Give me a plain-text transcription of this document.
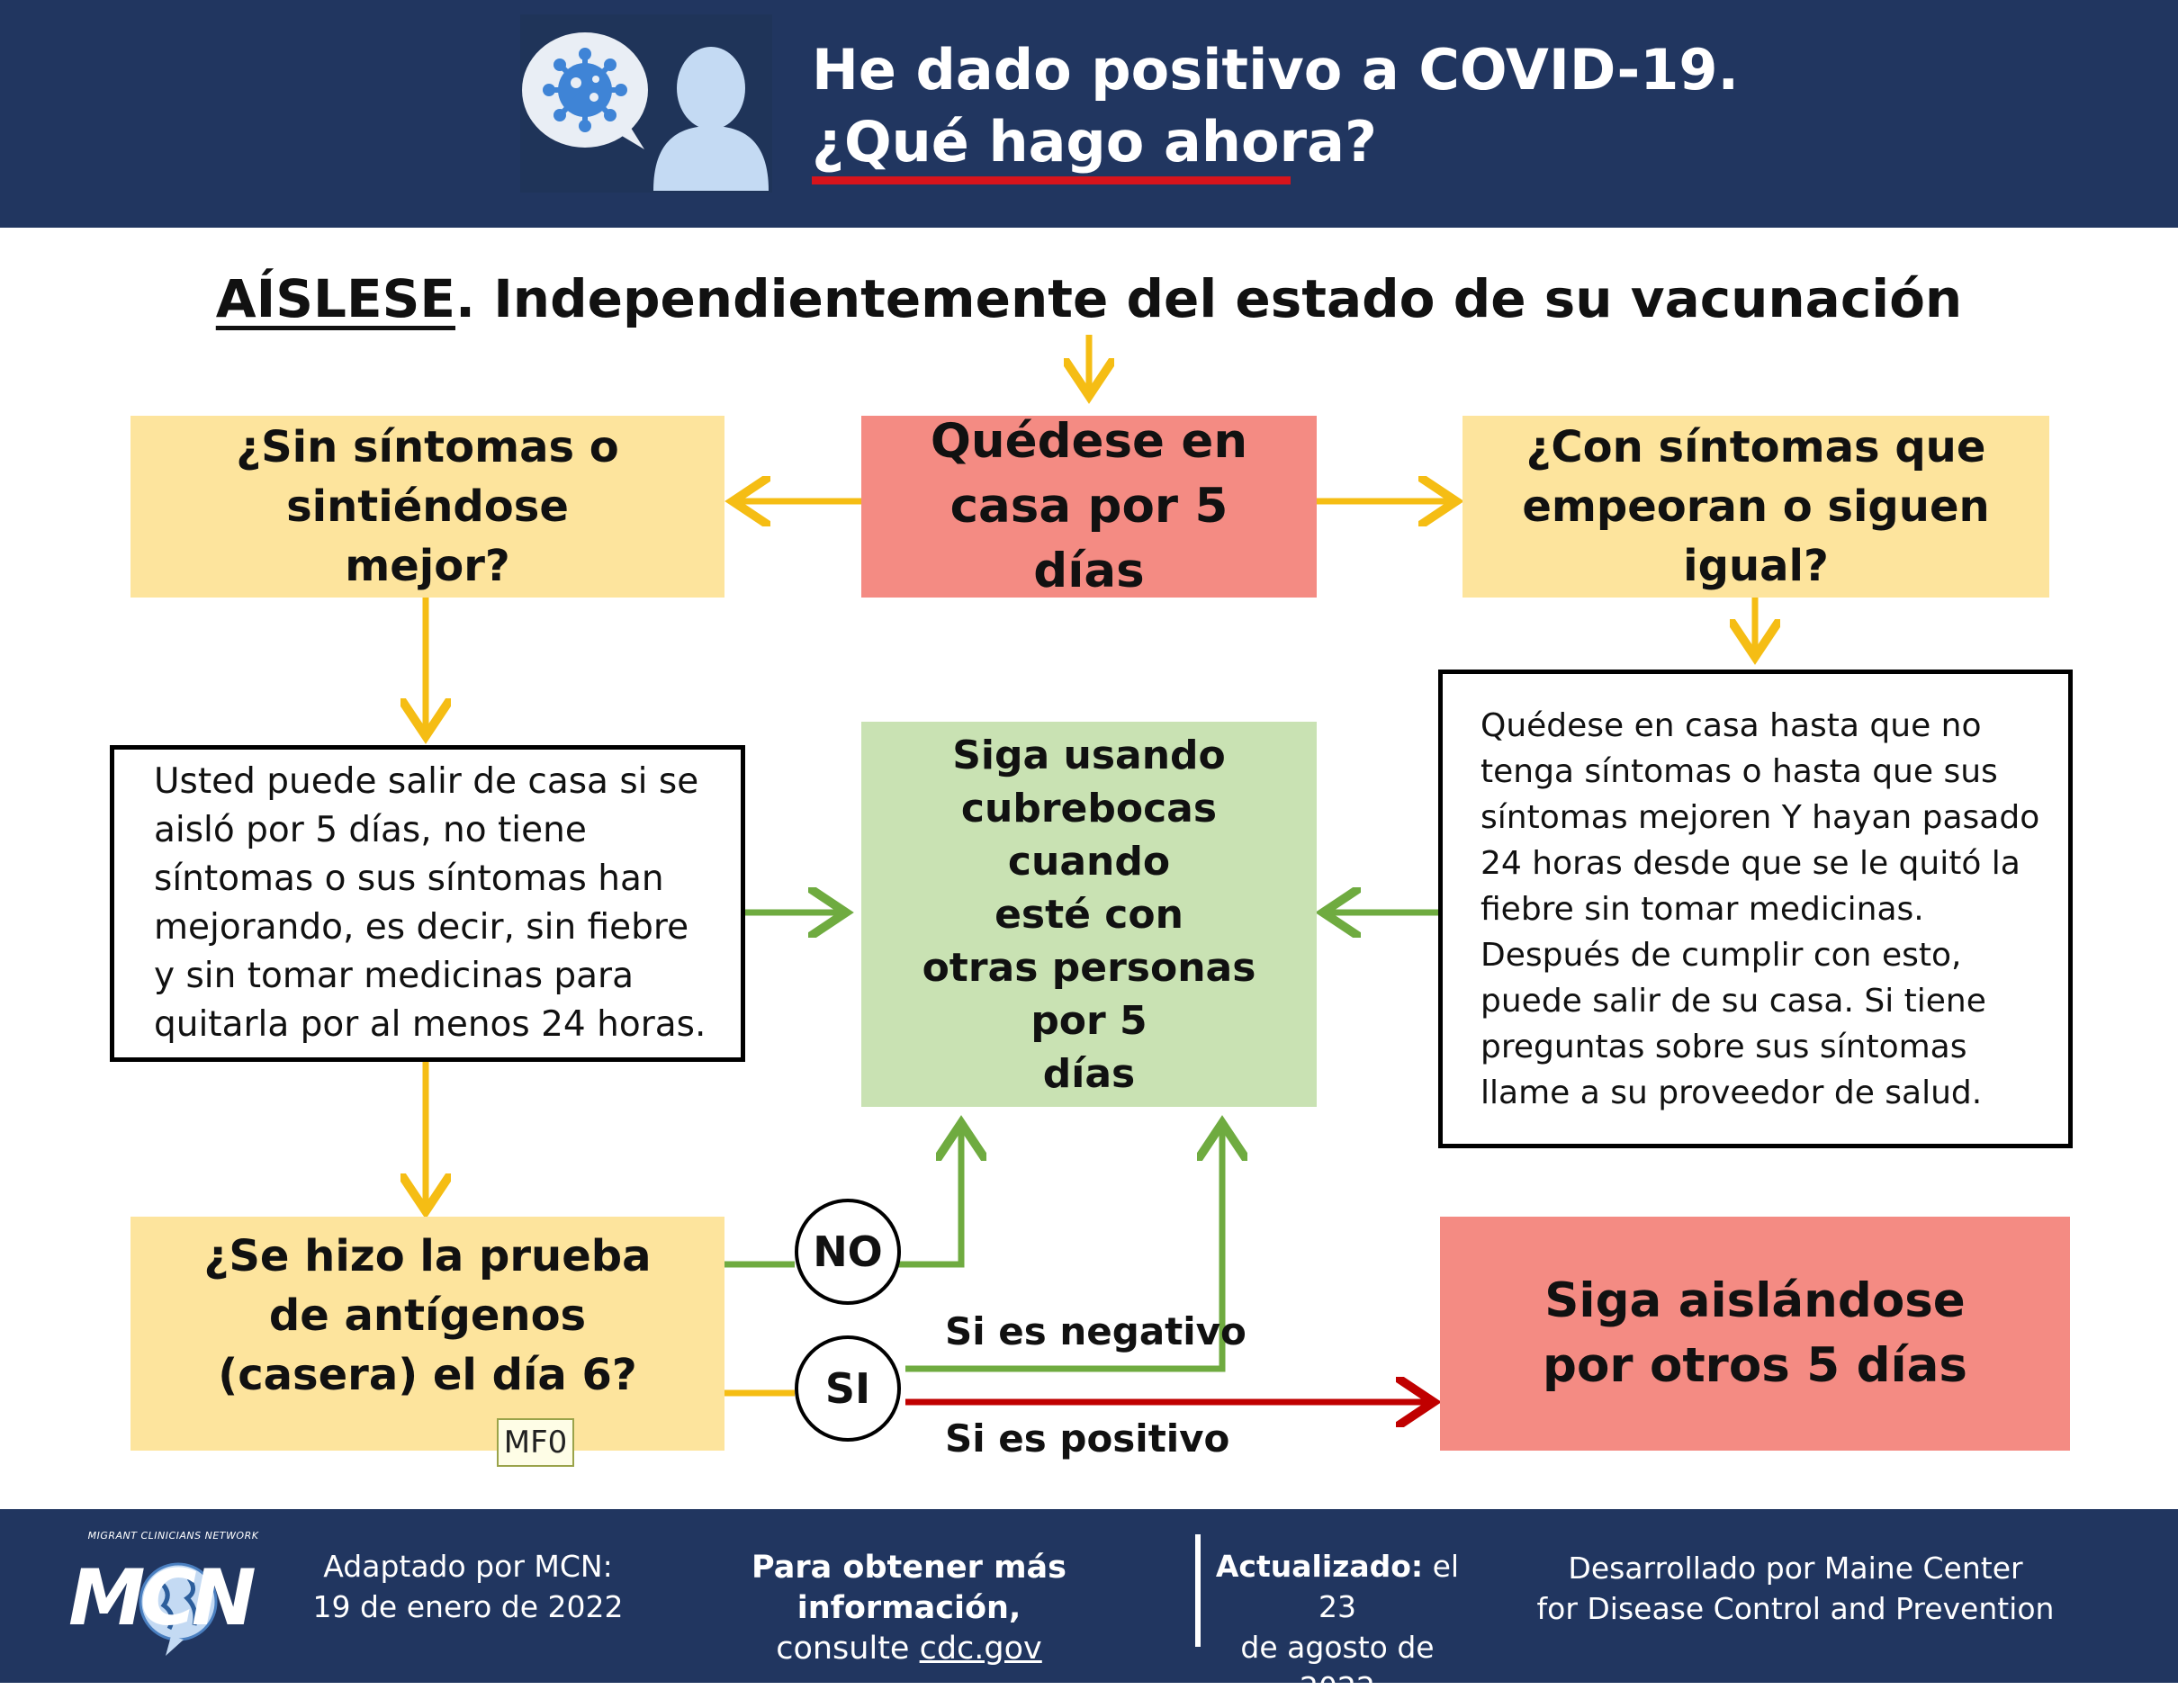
He dado positivo a COVID-19.
¿Qué hago ahora?
AÍSLESE. Independientemente del estado de su vacunación
Quédese en casa por 5 días
¿Sin síntomas o sintiéndose mejor?
¿Con síntomas que empeoran o siguen igual?
Usted puede salir de casa si se aisló por 5 días, no tiene síntomas o sus síntomas han mejorando, es decir, sin fiebre y sin tomar medicinas para quitarla por al menos 24 horas.
Siga usando
cubrebocas cuando
esté con
otras personas por 5
días
Quédese en casa hasta que no tenga síntomas o hasta que sus síntomas mejoren Y hayan pasado 24 horas desde que se le quitó la fiebre sin tomar medicinas. Después de cumplir con esto, puede salir de su casa. Si tiene preguntas sobre sus síntomas llame a su proveedor de salud.
¿Se hizo la prueba de antígenos (casera) el día 6?
MF0
Siga aislándose
por otros 5 días
NO
SI
Si es negativo
Si es positivo
MIGRANT CLINICIANS NETWORK
MCN	Adaptado por MCN:
19 de enero de 2022
Para obtener más información,
consulte cdc.gov
Actualizado: el 23
de agosto de 2022
Desarrollado por Maine Center
for Disease Control and Prevention
